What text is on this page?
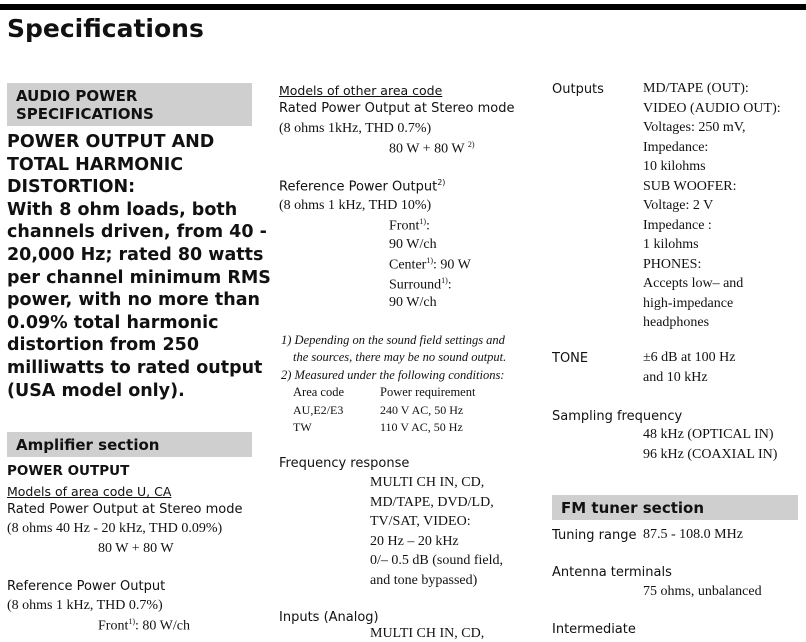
Specifications
AUDIO POWER
SPECIFICATIONS
POWER OUTPUT AND
TOTAL HARMONIC
DISTORTION:
With 8 ohm loads, both
channels driven, from 40 -
20,000 Hz; rated 80 watts
per channel minimum RMS
power, with no more than
0.09% total harmonic
distortion from 250
milliwatts to rated output
(USA model only).
Amplifier section
POWER OUTPUT
Models of area code U, CA
Rated Power Output at Stereo mode
(8 ohms 40 Hz - 20 kHz, THD 0.09%)
80 W + 80 W
Reference Power Output
(8 ohms 1 kHz, THD 0.7%)
Front$^{1)}$: 80 W/ch
Models of other area code
Rated Power Output at Stereo mode
(8 ohms 1kHz, THD 0.7%)
80 W + 80 W $^{2)}$
Reference Power Output$^{2)}$
(8 ohms 1 kHz, THD 10%)
Front$^{1)}$:
90 W/ch
Center$^{1)}$: 90 W
Surround$^{1)}$:
90 W/ch
1) Depending on the sound field settings and
the sources, there may be no sound output.
2) Measured under the following conditions:
Area code	Power requirement
AU,E2/E3	240 V AC, 50 Hz
TW	110 V AC, 50 Hz
Frequency response
MULTI CH IN, CD,
MD/TAPE, DVD/LD,
TV/SAT, VIDEO:
20 Hz – 20 kHz
0/– 0.5 dB (sound field,
and tone bypassed)
Inputs (Analog)
MULTI CH IN, CD,
Outputs	MD/TAPE (OUT):
VIDEO (AUDIO OUT):
Voltages: 250 mV,
Impedance:
10 kilohms
SUB WOOFER:
Voltage: 2 V
Impedance :
1 kilohms
PHONES:
Accepts low– and
high-impedance
headphones
TONE	±6 dB at 100 Hz
and 10 kHz
Sampling frequency
48 kHz (OPTICAL IN)
96 kHz (COAXIAL IN)
FM tuner section
Tuning range 87.5 - 108.0 MHz
Antenna terminals
75 ohms, unbalanced
Intermediate
